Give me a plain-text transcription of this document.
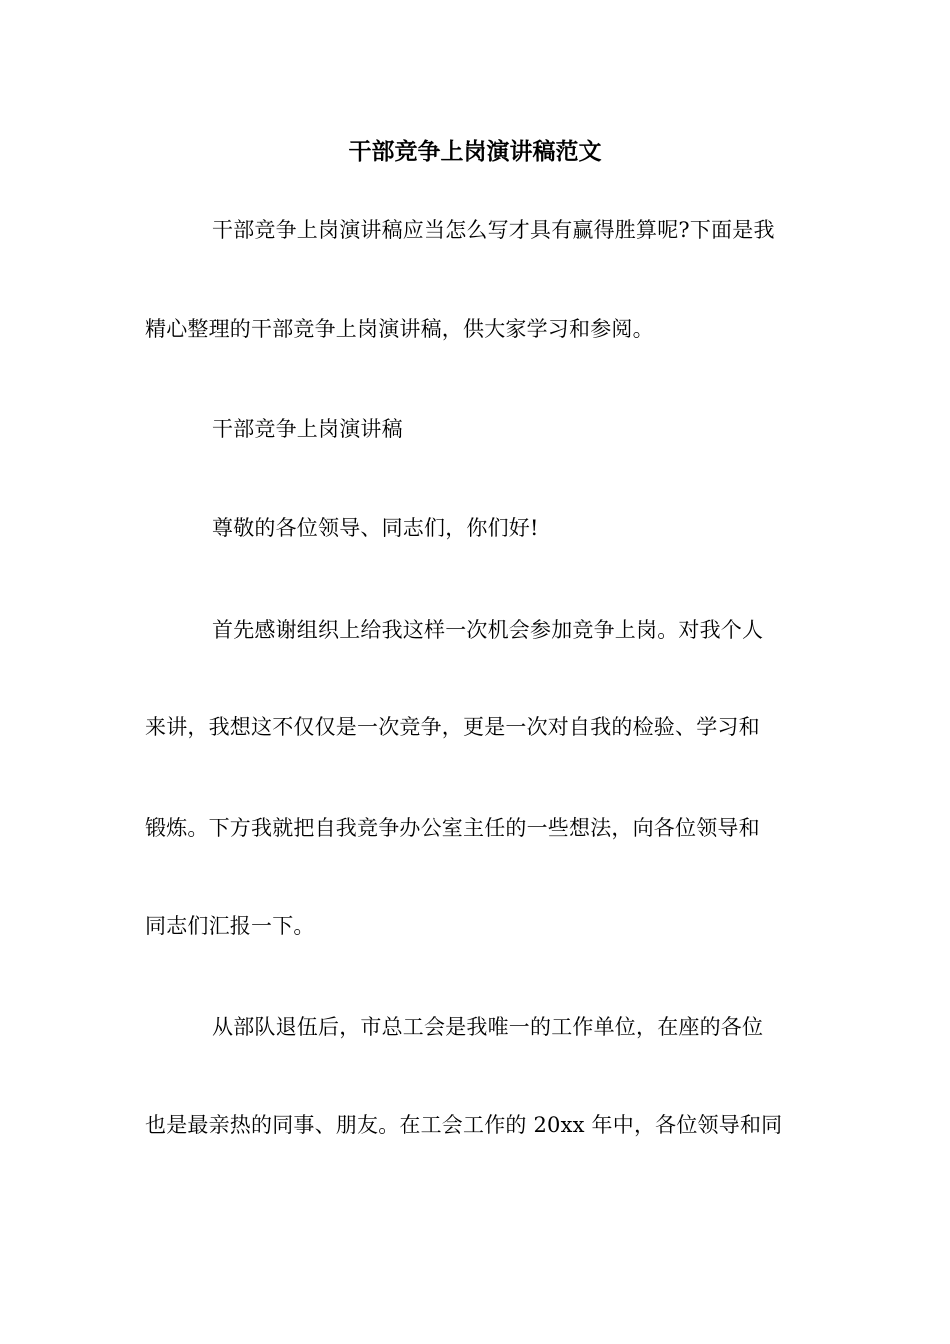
干部竞争上岗演讲稿范文
干部竞争上岗演讲稿应当怎么写才具有赢得胜算呢?下面是我
精心整理的干部竞争上岗演讲稿，供大家学习和参阅。
干部竞争上岗演讲稿
尊敬的各位领导、同志们，你们好!
首先感谢组织上给我这样一次机会参加竞争上岗。对我个人
来讲，我想这不仅仅是一次竞争，更是一次对自我的检验、学习和
锻炼。下方我就把自我竞争办公室主任的一些想法，向各位领导和
同志们汇报一下。
从部队退伍后，市总工会是我唯一的工作单位，在座的各位
也是最亲热的同事、朋友。在工会工作的 20xx 年中，各位领导和同
